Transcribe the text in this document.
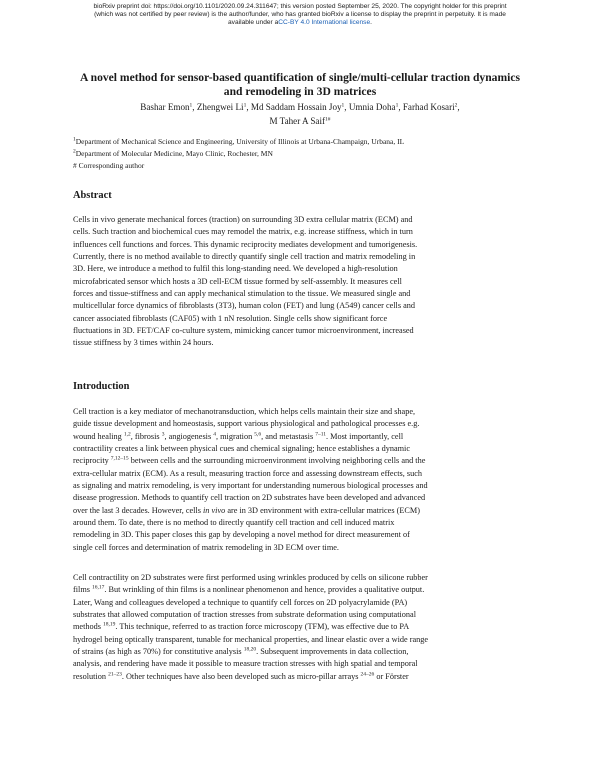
bioRxiv preprint doi: https://doi.org/10.1101/2020.09.24.311647; this version posted September 25, 2020. The copyright holder for this preprint
(which was not certified by peer review) is the author/funder, who has granted bioRxiv a license to display the preprint in perpetuity. It is made
available under aCC-BY 4.0 International license.
A novel method for sensor-based quantification of single/multi-cellular traction dynamics and remodeling in 3D matrices
Bashar Emon$^1$, Zhengwei Li$^1$, Md Saddam Hossain Joy$^1$, Umnia Doha$^1$, Farhad Kosari$^2$,
M Taher A Saif$^{1\#}$
$^1$Department of Mechanical Science and Engineering, University of Illinois at Urbana-Champaign, Urbana, IL
$^2$Department of Molecular Medicine, Mayo Clinic, Rochester, MN
# Corresponding author
Abstract
Cells in vivo generate mechanical forces (traction) on surrounding 3D extra cellular matrix (ECM) and
cells. Such traction and biochemical cues may remodel the matrix, e.g. increase stiffness, which in turn
influences cell functions and forces. This dynamic reciprocity mediates development and tumorigenesis.
Currently, there is no method available to directly quantify single cell traction and matrix remodeling in
3D. Here, we introduce a method to fulfil this long-standing need. We developed a high-resolution
microfabricated sensor which hosts a 3D cell-ECM tissue formed by self-assembly. It measures cell
forces and tissue-stiffness and can apply mechanical stimulation to the tissue. We measured single and
multicellular force dynamics of fibroblasts (3T3), human colon (FET) and lung (A549) cancer cells and
cancer associated fibroblasts (CAF05) with 1 nN resolution. Single cells show significant force
fluctuations in 3D. FET/CAF co-culture system, mimicking cancer tumor microenvironment, increased
tissue stiffness by 3 times within 24 hours.
Introduction
Cell traction is a key mediator of mechanotransduction, which helps cells maintain their size and shape,
guide tissue development and homeostasis, support various physiological and pathological processes e.g.
wound healing $^{1,2}$, fibrosis $^3$, angiogenesis $^4$, migration $^{5,6}$, and metastasis $^{7-11}$. Most importantly, cell
contractility creates a link between physical cues and chemical signaling; hence establishes a dynamic
reciprocity $^{7,12-15}$ between cells and the surrounding microenvironment involving neighboring cells and the
extra-cellular matrix (ECM). As a result, measuring traction force and assessing downstream effects, such
as signaling and matrix remodeling, is very important for understanding numerous biological processes and
disease progression. Methods to quantify cell traction on 2D substrates have been developed and advanced
over the last 3 decades. However, cells in vivo are in 3D environment with extra-cellular matrices (ECM)
around them. To date, there is no method to directly quantify cell traction and cell induced matrix
remodeling in 3D. This paper closes this gap by developing a novel method for direct measurement of
single cell forces and determination of matrix remodeling in 3D ECM over time.
Cell contractility on 2D substrates were first performed using wrinkles produced by cells on silicone rubber
films $^{16,17}$. But wrinkling of thin films is a nonlinear phenomenon and hence, provides a qualitative output.
Later, Wang and colleagues developed a technique to quantify cell forces on 2D polyacrylamide (PA)
substrates that allowed computation of traction stresses from substrate deformation using computational
methods $^{18,19}$. This technique, referred to as traction force microscopy (TFM), was effective due to PA
hydrogel being optically transparent, tunable for mechanical properties, and linear elastic over a wide range
of strains (as high as 70%) for constitutive analysis $^{18,20}$. Subsequent improvements in data collection,
analysis, and rendering have made it possible to measure traction stresses with high spatial and temporal
resolution $^{21-23}$. Other techniques have also been developed such as micro-pillar arrays $^{24-26}$ or Förster
